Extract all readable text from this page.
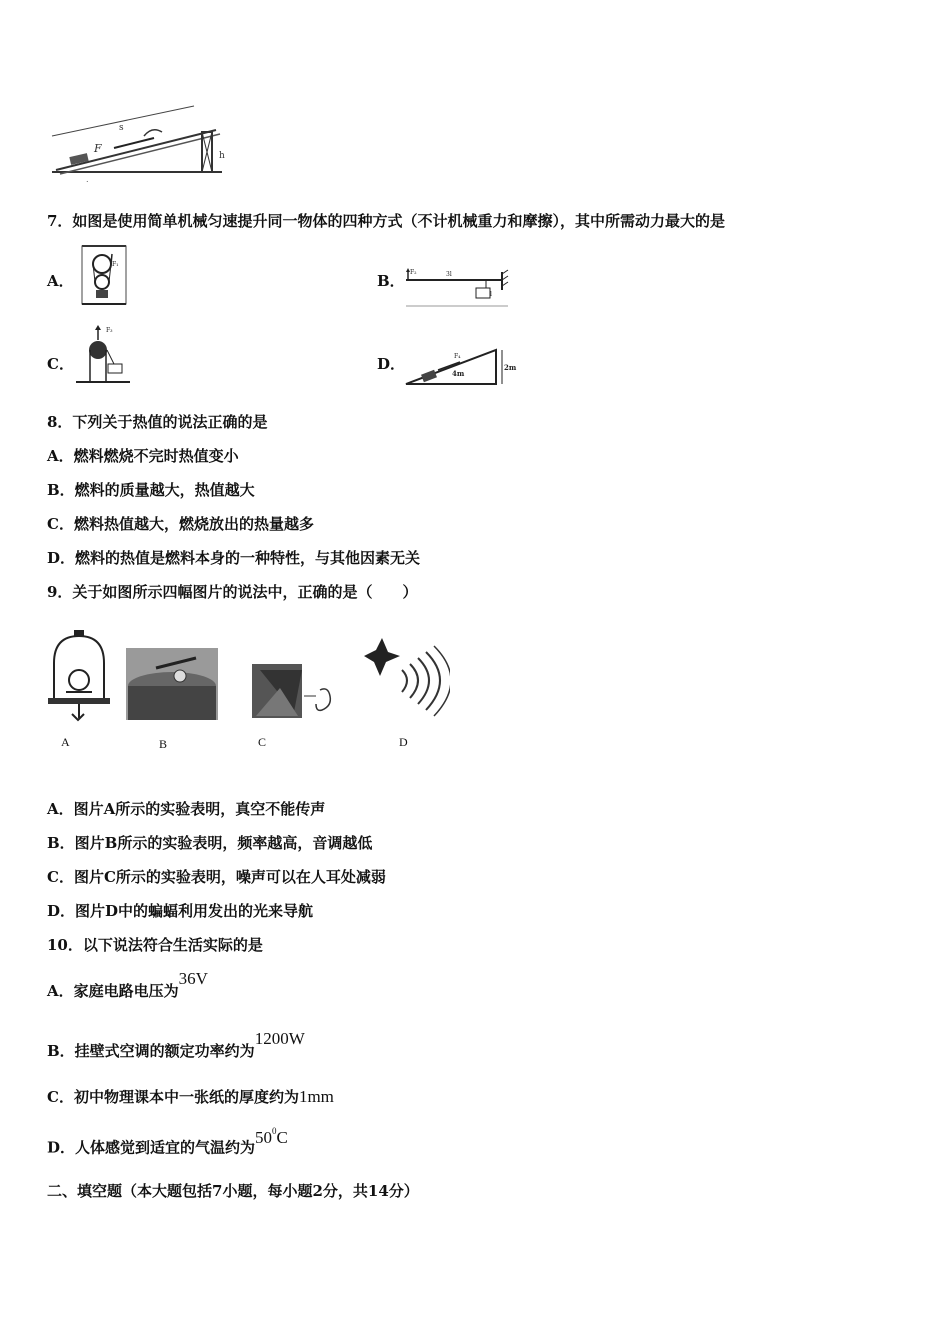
s
F
h
.
7．如图是使用简单机械匀速提升同一物体的四种方式（不计机械重力和摩擦），其中所需动力最大的是
A．
F₁
B． F₂	3l
l
C．
F₃
D．	F₄
4m
2m
8．下列关于热值的说法正确的是
A．燃料燃烧不完时热值变小
B．燃料的质量越大，热值越大
C．燃料热值越大，燃烧放出的热量越多
D．燃料的热值是燃料本身的一种特性，与其他因素无关
9．关于如图所示四幅图片的说法中，正确的是（　　）
A	B	C	D
A．图片A所示的实验表明，真空不能传声
B．图片B所示的实验表明，频率越高，音调越低
C．图片C所示的实验表明，噪声可以在人耳处减弱
D．图片D中的蝙蝠利用发出的光来导航
10．以下说法符合生活实际的是
A．家庭电路电压为36V
B．挂壁式空调的额定功率约为1200W
C．初中物理课本中一张纸的厚度约为1mm
D．人体感觉到适宜的气温约为$50^0C$
二、填空题（本大题包括7小题，每小题2分，共14分）
